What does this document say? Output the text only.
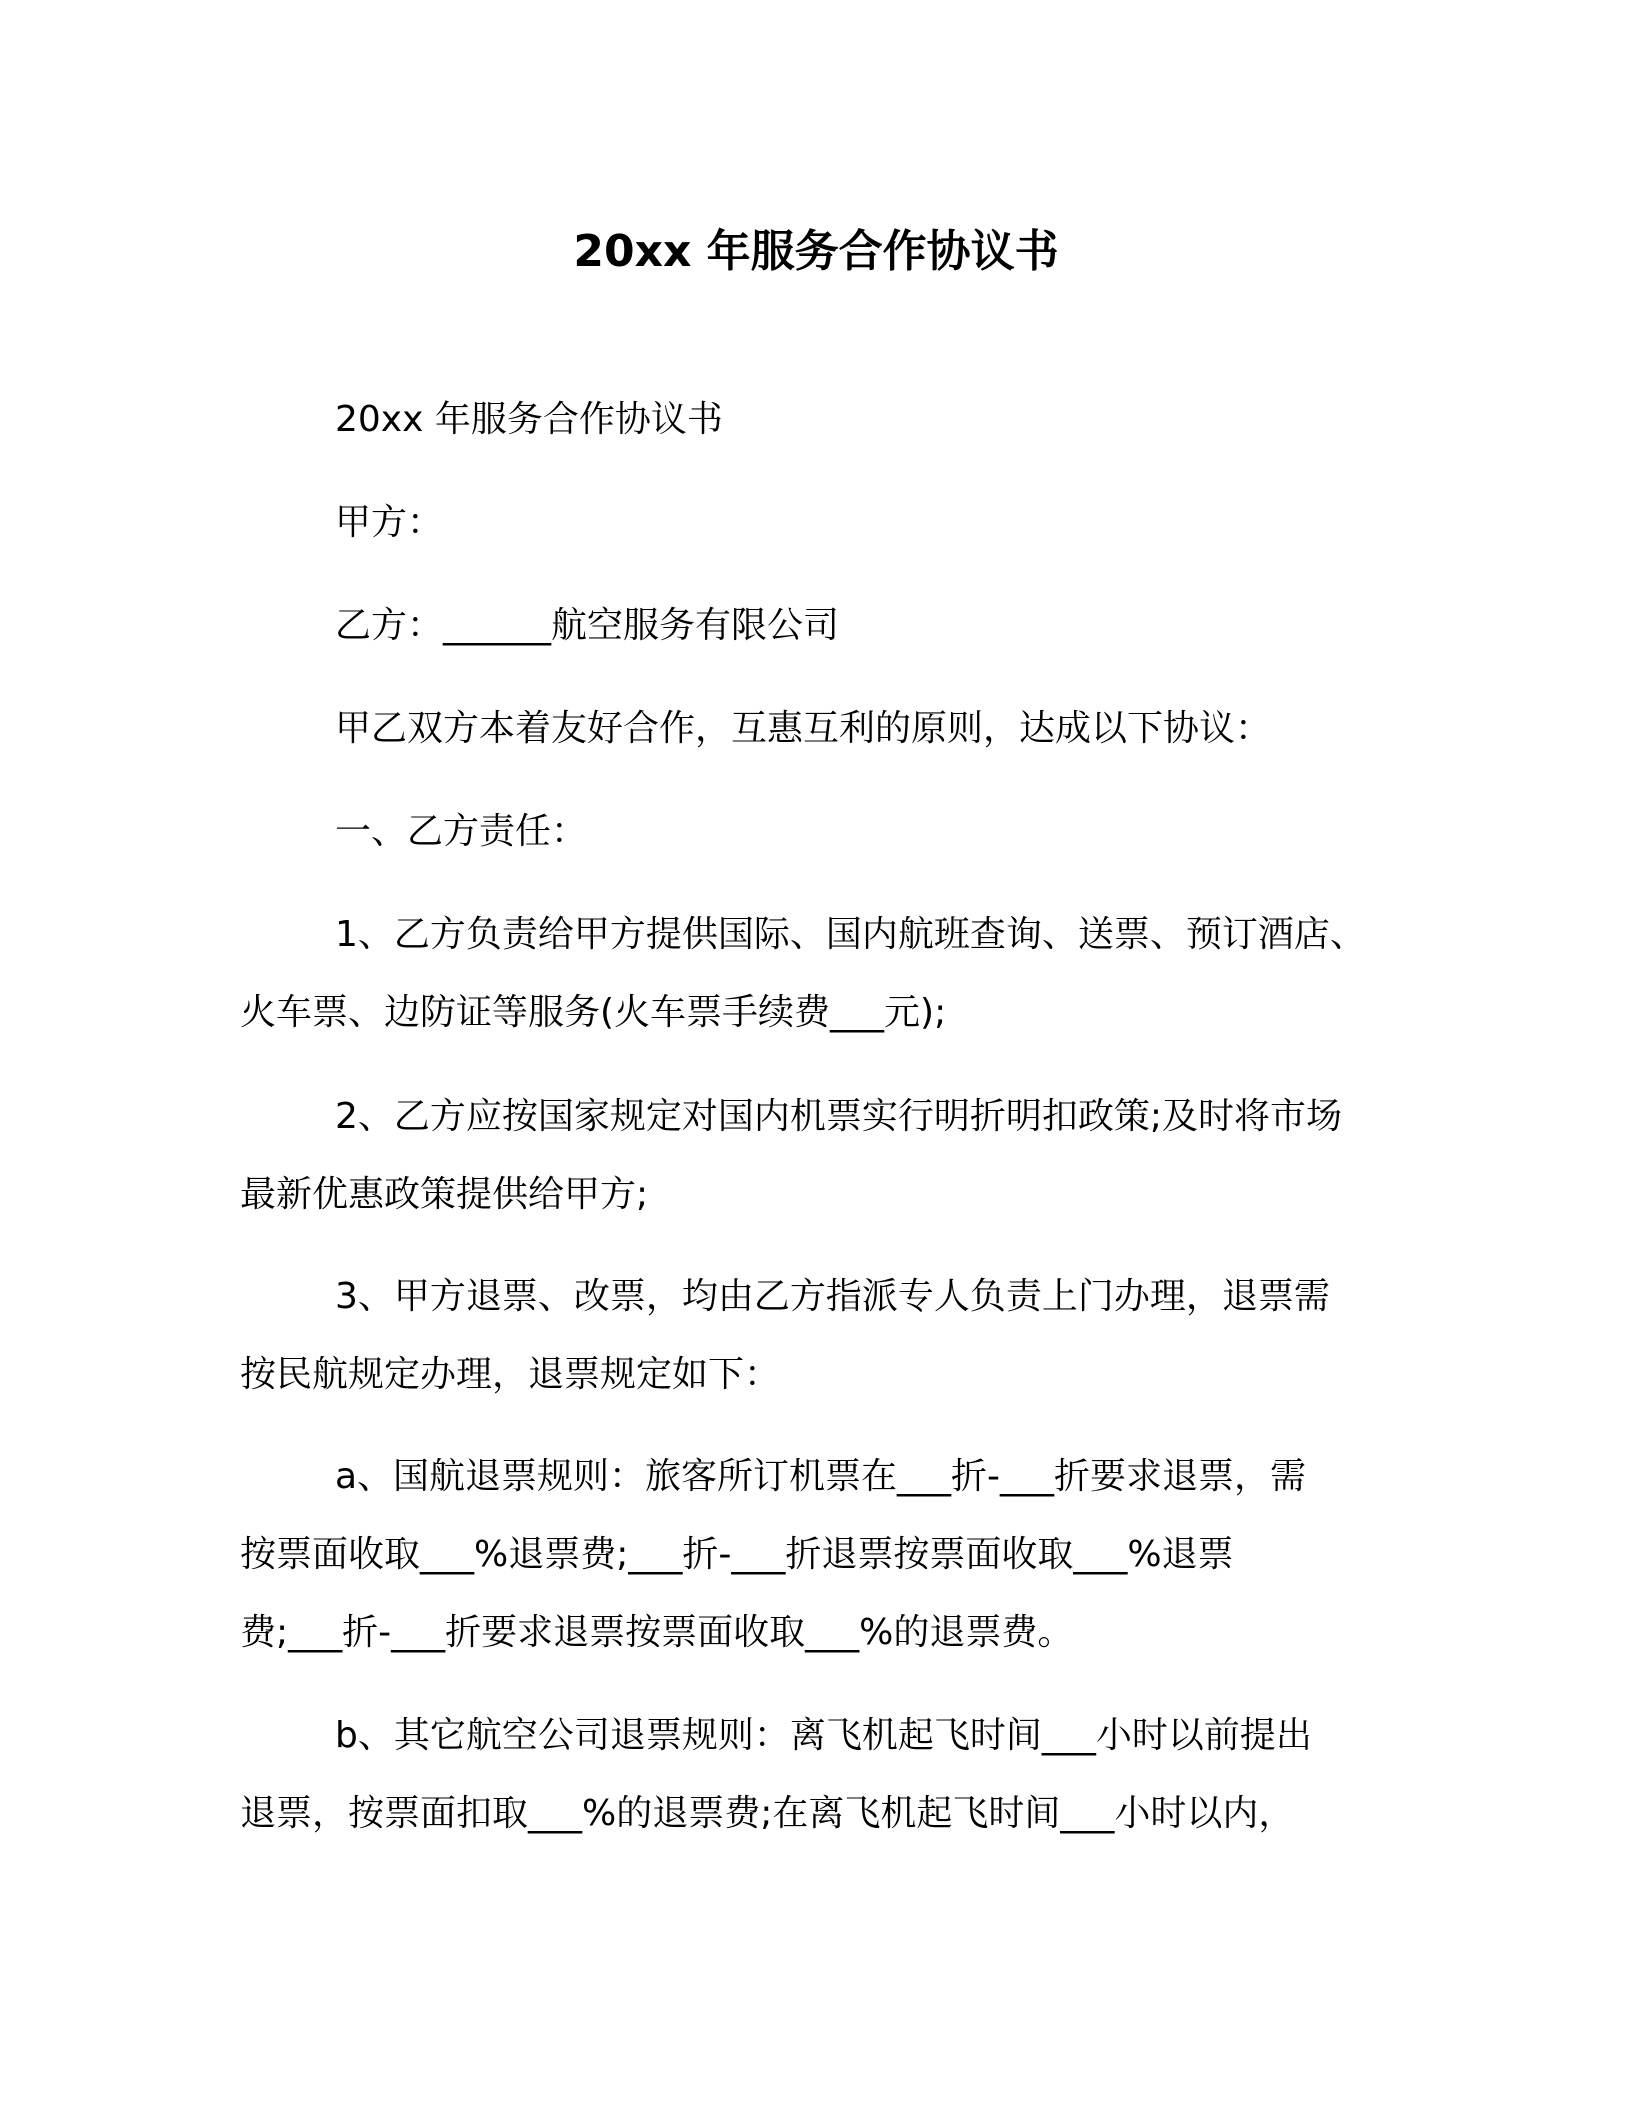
20xx 年服务合作协议书
20xx 年服务合作协议书
甲方：
乙方：______航空服务有限公司
甲乙双方本着友好合作，互惠互利的原则，达成以下协议：
一、乙方责任：
1、乙方负责给甲方提供国际、国内航班查询、送票、预订酒店、
火车票、边防证等服务(火车票手续费___元);
2、乙方应按国家规定对国内机票实行明折明扣政策;及时将市场
最新优惠政策提供给甲方;
3、甲方退票、改票，均由乙方指派专人负责上门办理，退票需
按民航规定办理，退票规定如下：
a、国航退票规则：旅客所订机票在___折-___折要求退票，需
按票面收取___%退票费;___折-___折退票按票面收取___%退票
费;___折-___折要求退票按票面收取___%的退票费。
b、其它航空公司退票规则：离飞机起飞时间___小时以前提出
退票，按票面扣取___%的退票费;在离飞机起飞时间___小时以内，
